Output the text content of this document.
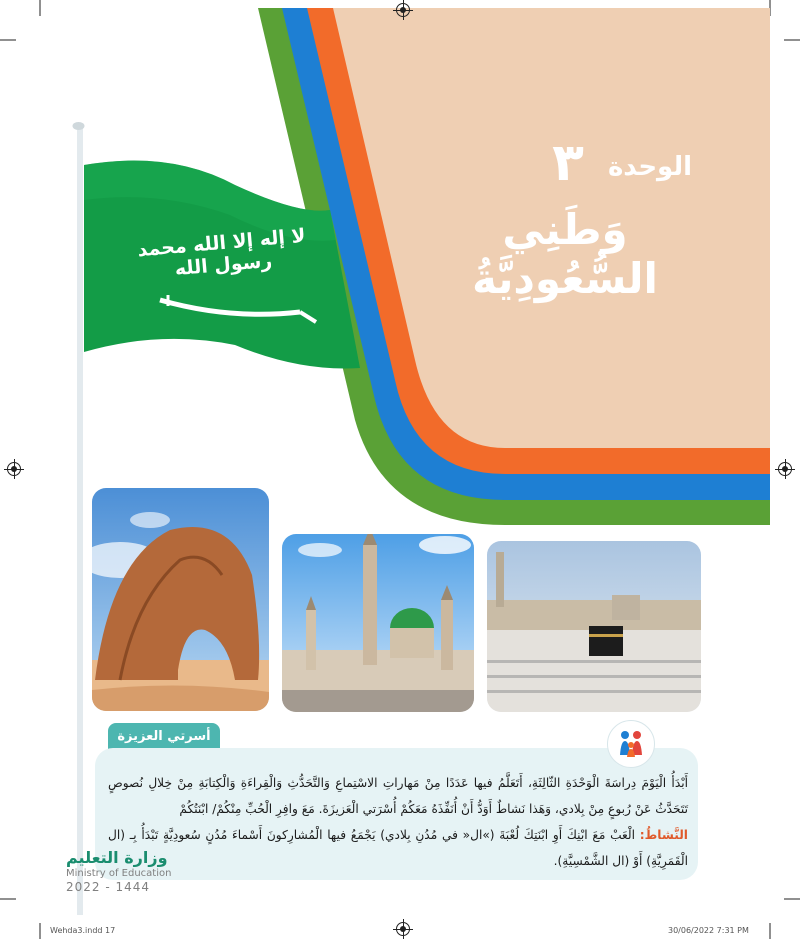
الوحدة
٣
وَطَنِي السُّعُودِيَّةُ
لا إله إلا الله محمد رسول الله
أسرتي العزيزة
أَبْدَأُ الْيَوْمَ دِراسَةَ الْوَحْدَةِ الثّالِثَةِ، أَتَعَلَّمُ فيها عَدَدًا مِنْ مَهاراتِ الاسْتِماعِ وَالتَّحَدُّثِ وَالْقِراءَةِ وَالْكِتابَةِ مِنْ خِلالِ نُصوصٍ تَتَحَدَّثُ عَنْ رُبوعٍ مِنْ بِلادي، وَهَذا نَشاطٌ أَوَدُّ أَنْ أُنَفِّذَهُ مَعَكُمْ أُسْرَتي الْعَزيزَةَ. مَعَ وافِرِ الْحُبِّ مِنْكُمْ/ ابْنَتُكُمْ
النَّشاطُ: الْعَبْ مَعَ ابْنِكَ أَوِ ابْنَتِكَ لُعْبَةَ (»ال« في مُدُنِ بِلادي) يَجْمَعُ فيها الْمُشارِكونَ أَسْماءَ مُدُنٍ سُعودِيَّةٍ تَبْدَأُ بِـ (ال الْقَمَرِيَّةِ) أَوْ (ال الشَّمْسِيَّةِ).
وزارة التعليم
Ministry of Education
2022 - 1444
Wehda3.indd 17	30/06/2022 7:31 PM
